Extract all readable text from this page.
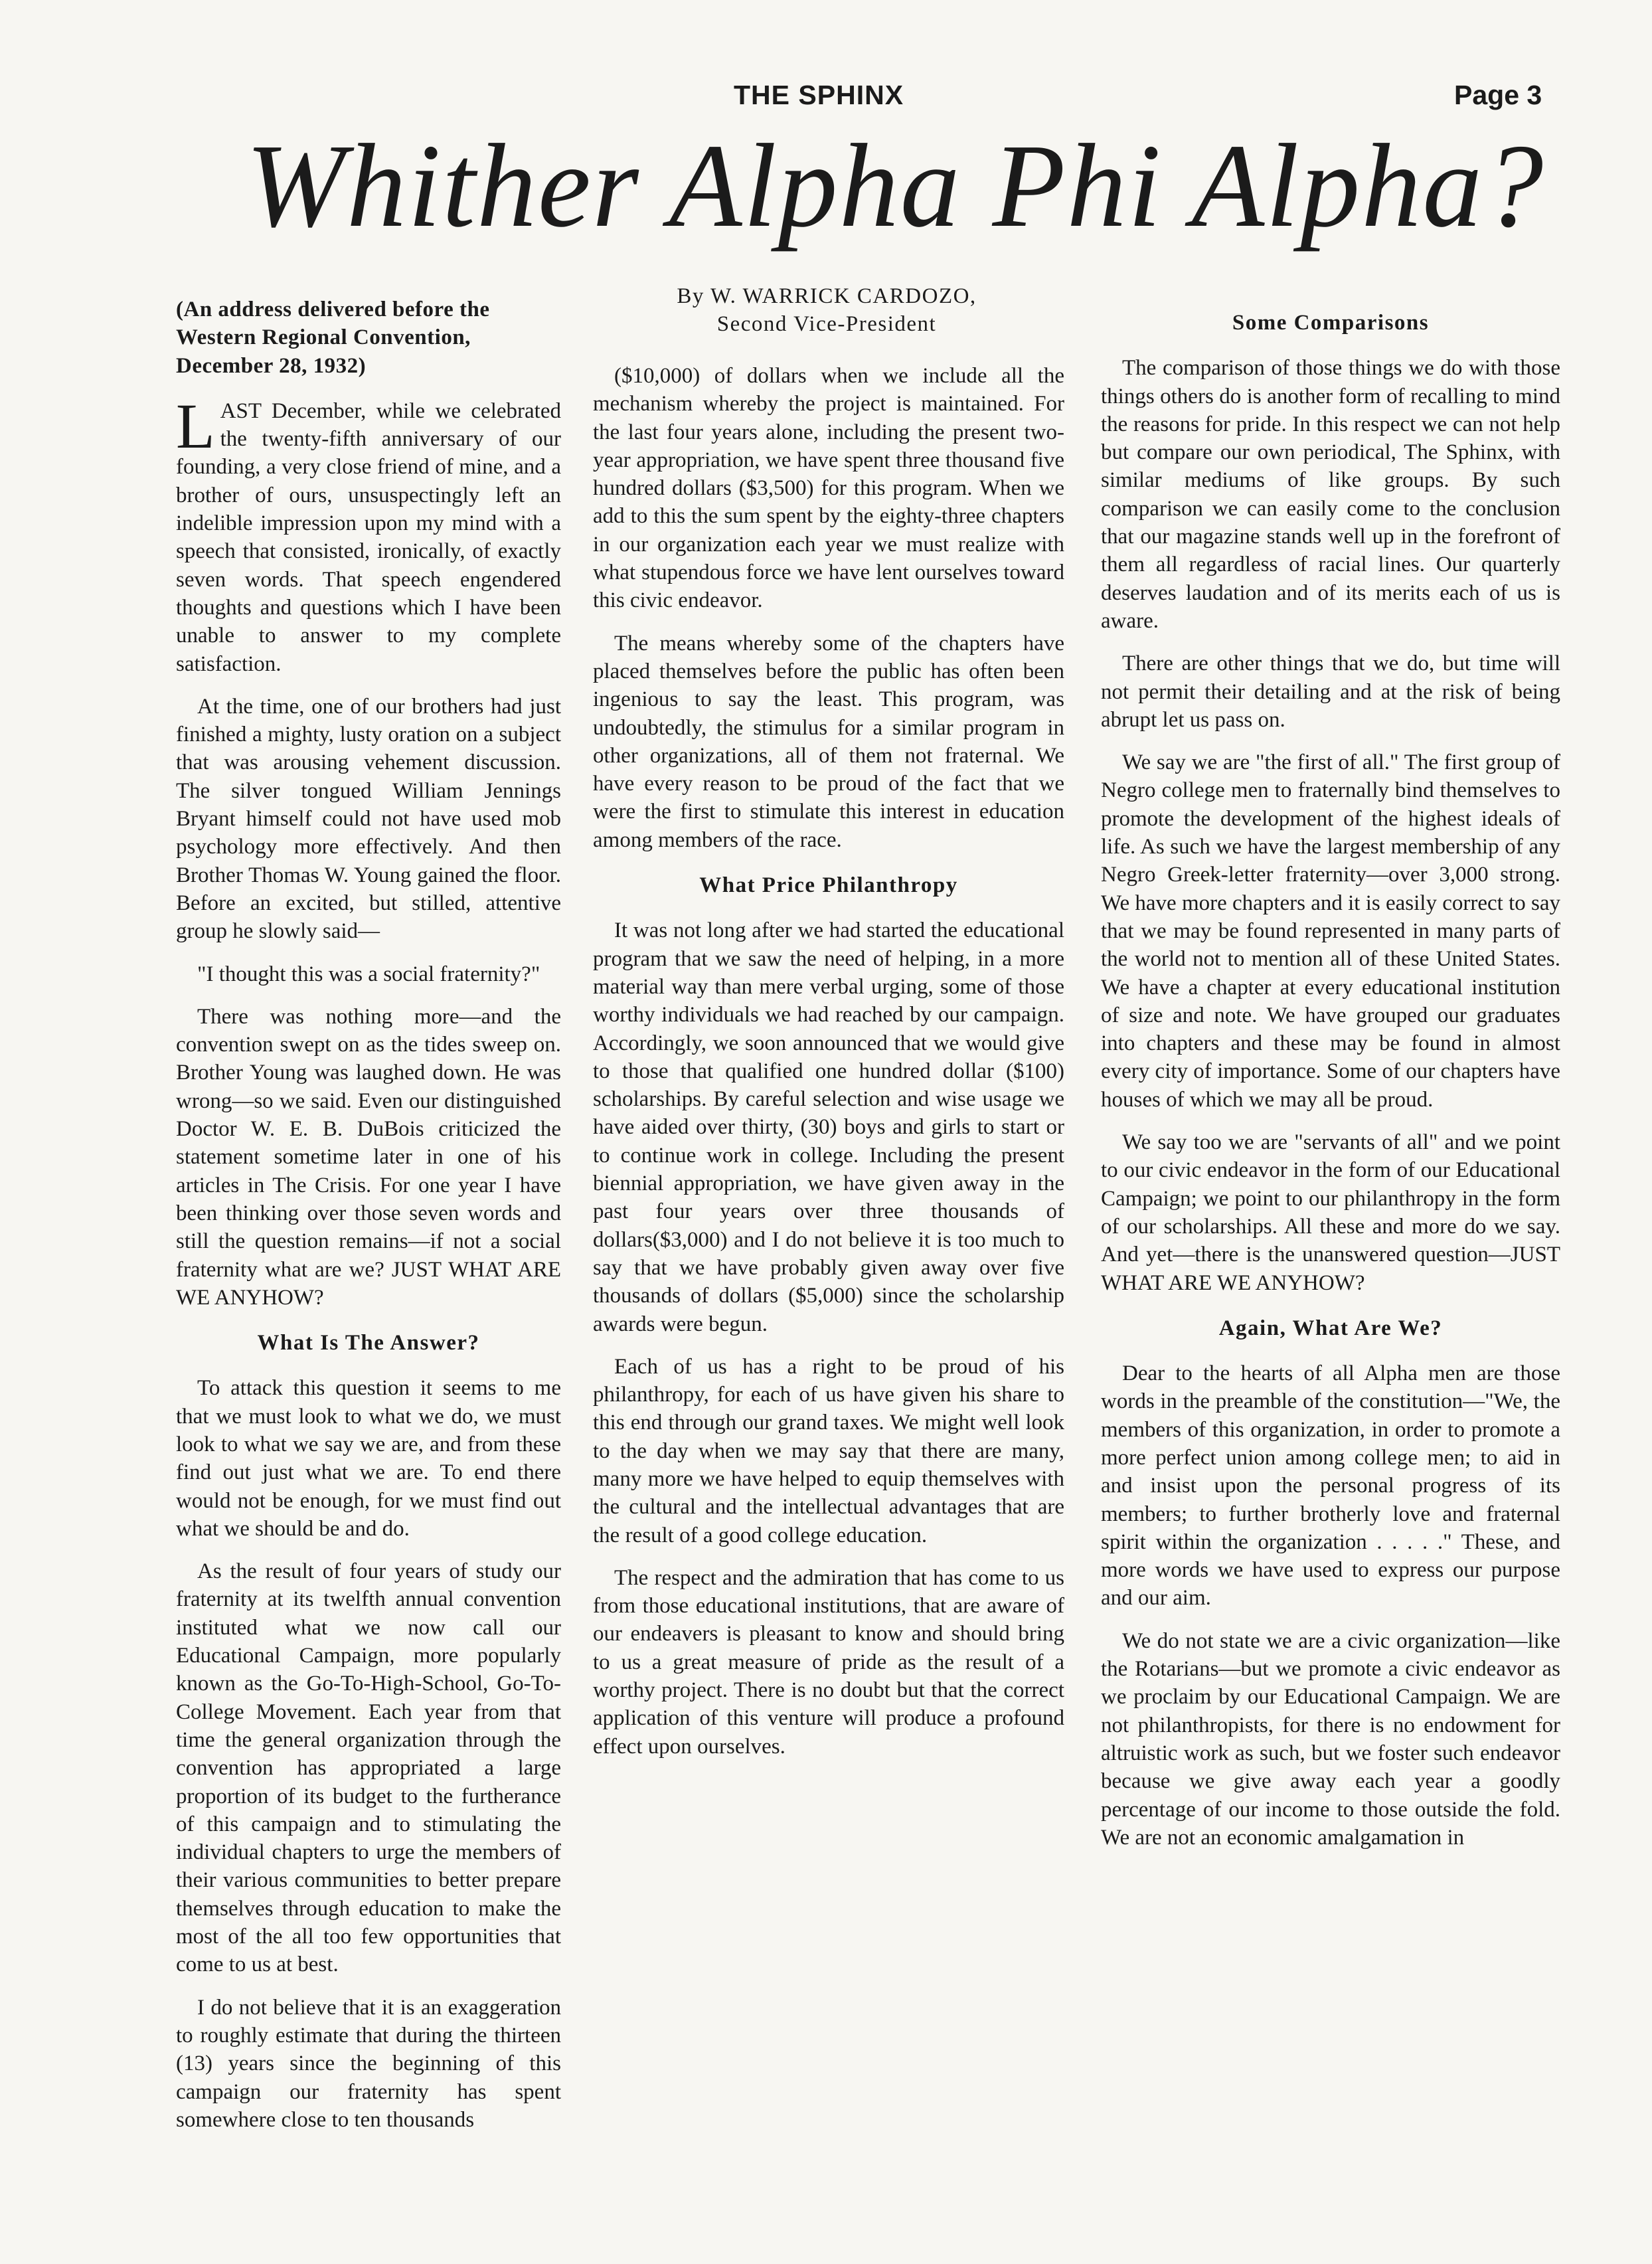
THE SPHINX	Page 3
Whither Alpha Phi Alpha?
By W. WARRICK CARDOZO,
Second Vice-President

(An address delivered before the Western Regional Convention, December 28, 1932)

LAST December, while we celebrated the twenty-fifth anniversary of our founding, a very close friend of mine, and a brother of ours, unsuspectingly left an indelible impression upon my mind with a speech that consisted, ironically, of exactly seven words. That speech engendered thoughts and questions which I have been unable to answer to my complete satisfaction.

At the time, one of our brothers had just finished a mighty, lusty oration on a subject that was arousing vehement discussion. The silver tongued William Jennings Bryant himself could not have used mob psychology more effectively. And then Brother Thomas W. Young gained the floor. Before an excited, but stilled, attentive group he slowly said—

"I thought this was a social fraternity?"

There was nothing more—and the convention swept on as the tides sweep on. Brother Young was laughed down. He was wrong—so we said. Even our distinguished Doctor W. E. B. DuBois criticized the statement sometime later in one of his articles in The Crisis. For one year I have been thinking over those seven words and still the question remains—if not a social fraternity what are we? JUST WHAT ARE WE ANYHOW?

What Is The Answer?

To attack this question it seems to me that we must look to what we do, we must look to what we say we are, and from these find out just what we are. To end there would not be enough, for we must find out what we should be and do.

As the result of four years of study our fraternity at its twelfth annual convention instituted what we now call our Educational Campaign, more popularly known as the Go-To-High-School, Go-To-College Movement. Each year from that time the general organization through the convention has appropriated a large proportion of its budget to the furtherance of this campaign and to stimulating the individual chapters to urge the members of their various communities to better prepare themselves through education to make the most of the all too few opportunities that come to us at best.

I do not believe that it is an exaggeration to roughly estimate that during the thirteen (13) years since the beginning of this campaign our fraternity has spent somewhere close to ten thousands

($10,000) of dollars when we include all the mechanism whereby the project is maintained. For the last four years alone, including the present two-year appropriation, we have spent three thousand five hundred dollars ($3,500) for this program. When we add to this the sum spent by the eighty-three chapters in our organization each year we must realize with what stupendous force we have lent ourselves toward this civic endeavor.

The means whereby some of the chapters have placed themselves before the public has often been ingenious to say the least. This program, was undoubtedly, the stimulus for a similar program in other organizations, all of them not fraternal. We have every reason to be proud of the fact that we were the first to stimulate this interest in education among members of the race.

What Price Philanthropy

It was not long after we had started the educational program that we saw the need of helping, in a more material way than mere verbal urging, some of those worthy individuals we had reached by our campaign. Accordingly, we soon announced that we would give to those that qualified one hundred dollar ($100) scholarships. By careful selection and wise usage we have aided over thirty, (30) boys and girls to start or to continue work in college. Including the present biennial appropriation, we have given away in the past four years over three thousands of dollars($3,000) and I do not believe it is too much to say that we have probably given away over five thousands of dollars ($5,000) since the scholarship awards were begun.

Each of us has a right to be proud of his philanthropy, for each of us have given his share to this end through our grand taxes. We might well look to the day when we may say that there are many, many more we have helped to equip themselves with the cultural and the intellectual advantages that are the result of a good college education.

The respect and the admiration that has come to us from those educational institutions, that are aware of our endeavers is pleasant to know and should bring to us a great measure of pride as the result of a worthy project. There is no doubt but that the correct application of this venture will produce a profound effect upon ourselves.

Some Comparisons

The comparison of those things we do with those things others do is another form of recalling to mind the reasons for pride. In this respect we can not help but compare our own periodical, The Sphinx, with similar mediums of like groups. By such comparison we can easily come to the conclusion that our magazine stands well up in the forefront of them all regardless of racial lines. Our quarterly deserves laudation and of its merits each of us is aware.

There are other things that we do, but time will not permit their detailing and at the risk of being abrupt let us pass on.

We say we are "the first of all." The first group of Negro college men to fraternally bind themselves to promote the development of the highest ideals of life. As such we have the largest membership of any Negro Greek-letter fraternity—over 3,000 strong. We have more chapters and it is easily correct to say that we may be found represented in many parts of the world not to mention all of these United States. We have a chapter at every educational institution of size and note. We have grouped our graduates into chapters and these may be found in almost every city of importance. Some of our chapters have houses of which we may all be proud.

We say too we are "servants of all" and we point to our civic endeavor in the form of our Educational Campaign; we point to our philanthropy in the form of our scholarships. All these and more do we say. And yet—there is the unanswered question—JUST WHAT ARE WE ANYHOW?

Again, What Are We?

Dear to the hearts of all Alpha men are those words in the preamble of the constitution—"We, the members of this organization, in order to promote a more perfect union among college men; to aid in and insist upon the personal progress of its members; to further brotherly love and fraternal spirit within the organization . . . . ." These, and more words we have used to express our purpose and our aim.

We do not state we are a civic organization—like the Rotarians—but we promote a civic endeavor as we proclaim by our Educational Campaign. We are not philanthropists, for there is no endowment for altruistic work as such, but we foster such endeavor because we give away each year a goodly percentage of our income to those outside the fold. We are not an economic amalgamation in
